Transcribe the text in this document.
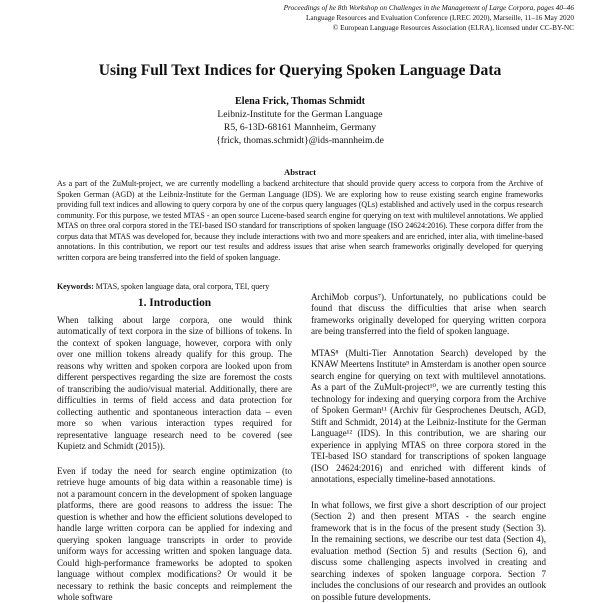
Proceedings of he 8th Workshop on Challenges in the Management of Large Corpora, pages 40–46
Language Resources and Evaluation Conference (LREC 2020), Marseille, 11–16 May 2020
© European Language Resources Association (ELRA), licensed under CC-BY-NC
Using Full Text Indices for Querying Spoken Language Data
Elena Frick, Thomas Schmidt
Leibniz-Institute for the German Language
R5, 6-13D-68161 Mannheim, Germany
{frick, thomas.schmidt}@ids-mannheim.de
Abstract
As a part of the ZuMult-project, we are currently modelling a backend architecture that should provide query access to corpora from the Archive of Spoken German (AGD) at the Leibniz-Institute for the German Language (IDS). We are exploring how to reuse existing search engine frameworks providing full text indices and allowing to query corpora by one of the corpus query languages (QLs) established and actively used in the corpus research community. For this purpose, we tested MTAS - an open source Lucene-based search engine for querying on text with multilevel annotations. We applied MTAS on three oral corpora stored in the TEI-based ISO standard for transcriptions of spoken language (ISO 24624:2016). These corpora differ from the corpus data that MTAS was developed for, because they include interactions with two and more speakers and are enriched, inter alia, with timeline-based annotations. In this contribution, we report our test results and address issues that arise when search frameworks originally developed for querying written corpora are being transferred into the field of spoken language.
Keywords: MTAS, spoken language data, oral corpora, TEI, query
1. Introduction

When talking about large corpora, one would think automatically of text corpora in the size of billions of tokens. In the context of spoken language, however, corpora with only over one million tokens already qualify for this group. The reasons why written and spoken corpora are looked upon from different perspectives regarding the size are foremost the costs of transcribing the audio/visual material. Additionally, there are difficulties in terms of field access and data protection for collecting authentic and spontaneous interaction data – even more so when various interaction types required for representative language research need to be covered (see Kupietz and Schmidt (2015)).

Even if today the need for search engine optimization (to retrieve huge amounts of big data within a reasonable time) is not a paramount concern in the development of spoken language platforms, there are good reasons to address the issue: The question is whether and how the efficient solutions developed to handle large written corpora can be applied for indexing and querying spoken language transcripts in order to provide uniform ways for accessing written and spoken language data. Could high-performance frameworks be adopted to spoken language without complex modifications? Or would it be necessary to rethink the basic concepts and reimplement the whole software

ArchiMob corpus⁷). Unfortunately, no publications could be found that discuss the difficulties that arise when search frameworks originally developed for querying written corpora are being transferred into the field of spoken language.

MTAS⁸ (Multi-Tier Annotation Search) developed by the KNAW Meertens Institute⁹ in Amsterdam is another open source search engine for querying on text with multilevel annotations. As a part of the ZuMult-project¹⁰, we are currently testing this technology for indexing and querying corpora from the Archive of Spoken German¹¹ (Archiv für Gesprochenes Deutsch, AGD, Stift and Schmidt, 2014) at the Leibniz-Institute for the German Language¹² (IDS). In this contribution, we are sharing our experience in applying MTAS on three corpora stored in the TEI-based ISO standard for transcriptions of spoken language (ISO 24624:2016) and enriched with different kinds of annotations, especially timeline-based annotations.

In what follows, we first give a short description of our project (Section 2) and then present MTAS - the search engine framework that is in the focus of the present study (Section 3). In the remaining sections, we describe our test data (Section 4), evaluation method (Section 5) and results (Section 6), and discuss some challenging aspects involved in creating and searching indexes of spoken language corpora. Section 7 includes the conclusions of our research and provides an outlook on possible future developments.
